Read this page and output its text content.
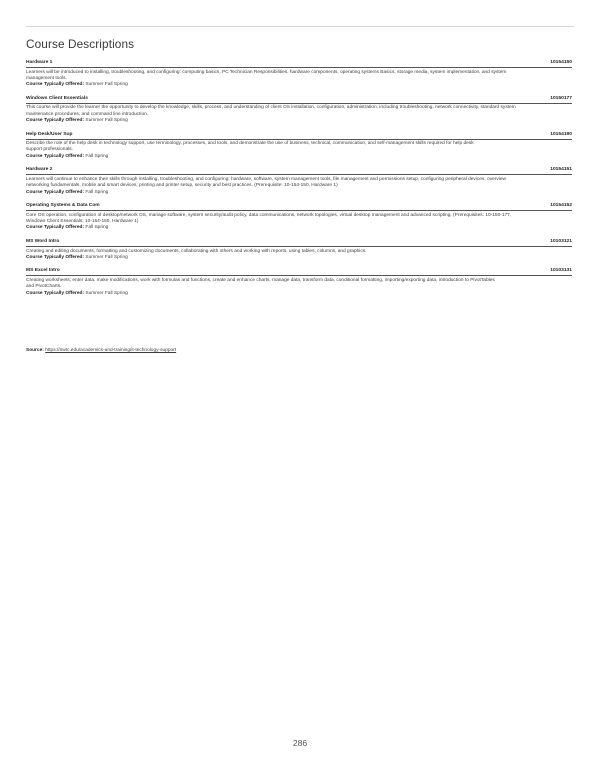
Course Descriptions
Hardware 1	10154150
Learners will be introduced to installing, troubleshooting, and configuring: computing basics, PC Technician Responsibilities, hardware components, operating systems Basics, storage media, system implementation, and system
management tools.
Course Typically Offered: Summer Fall Spring
Windows Client Essentials	10150177
This course will provide the learner the opportunity to develop the knowledge, skills, process, and understanding of client OS installation, configuration, administration, including troubleshooting, network connectivity, standard system
maintenance procedures, and command line introduction.
Course Typically Offered: Summer Fall Spring
Help Desk/User Sup	10154190
Describe the role of the help desk in technology support, use terminology, processes, and tools, and demonstrate the use of business, technical, communication, and self-management skills required for help desk
support professionals.
Course Typically Offered: Fall Spring
Hardware 2	10154151
Learners will continue to enhance their skills through installing, troubleshooting, and configuring: hardware, software, system management tools, file management and permissions setup, configuring peripheral devices, overview
networking fundamentals, mobile and smart devices, printing and printer setup, security and best practices. (Prerequisite: 10-154-150, Hardware 1)
Course Typically Offered: Fall Spring
Operating Systems & Data Com	10154152
Core OS operation, configuration of desktop/network OS, manage software, system security/audit policy, data communications, network topologies, virtual desktop management and advanced scripting. (Prerequisites: 10-150-177,
Windows Client Essentials; 10-154-150, Hardware 1)
Course Typically Offered: Fall Spring
MS Word Intro	10103121
Creating and editing documents, formatting and customizing documents, collaborating with others and working with reports, using tables, columns, and graphics.
Course Typically Offered: Summer Fall Spring
MS Excel Intro	10103131
Creating worksheets; enter data, make modifications, work with formulas and functions, create and enhance charts, manage data, transform data, conditional formatting, importing/exporting data, introduction to PivotTables
and PivotCharts.
Course Typically Offered: Summer Fall Spring
Source: https://nwtc.edu/academics-and-training/it-technology-support
286
